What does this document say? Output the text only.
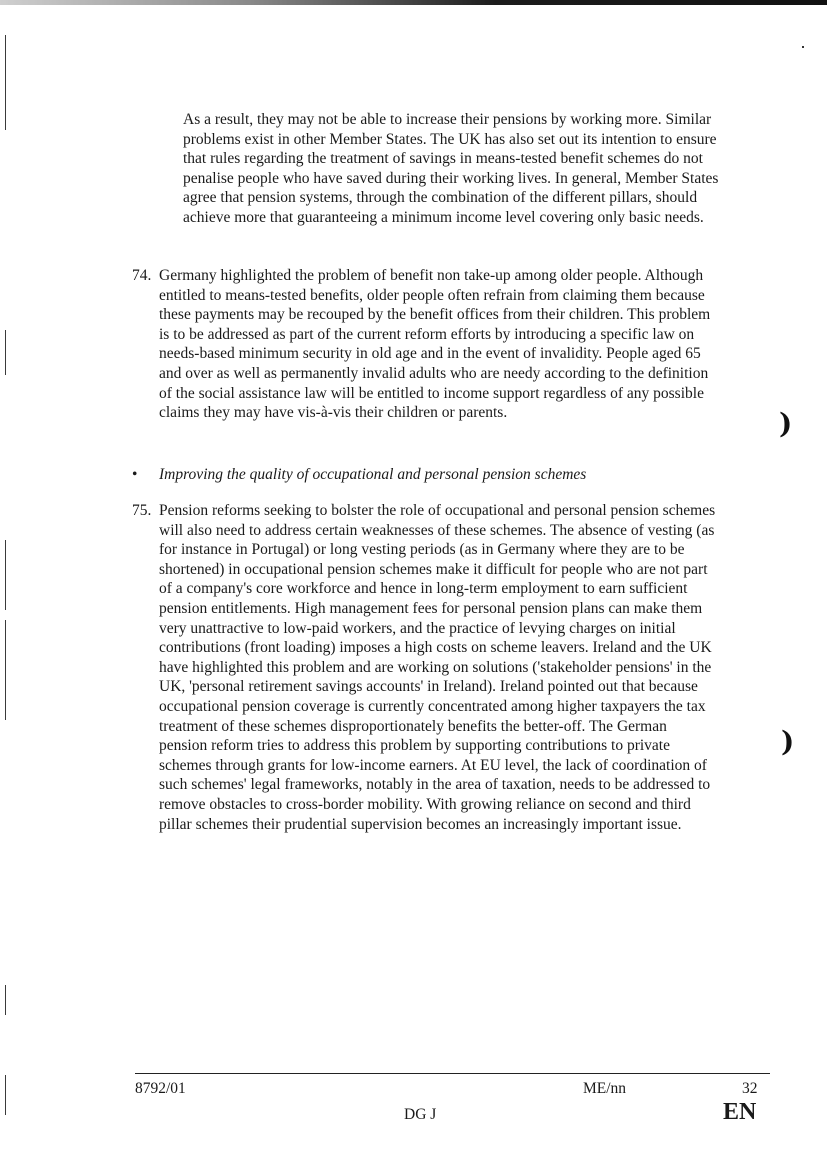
)
)
As a result, they may not be able to increase their pensions by working more. Similar problems exist in other Member States. The UK has also set out its intention to ensure that rules regarding the treatment of savings in means-tested benefit schemes do not penalise people who have saved during their working lives. In general, Member States agree that pension systems, through the combination of the different pillars, should achieve more that guaranteeing a minimum income level covering only basic needs.
74. Germany highlighted the problem of benefit non take-up among older people. Although entitled to means-tested benefits, older people often refrain from claiming them because these payments may be recouped by the benefit offices from their children. This problem is to be addressed as part of the current reform efforts by introducing a specific law on needs-based minimum security in old age and in the event of invalidity. People aged 65 and over as well as permanently invalid adults who are needy according to the definition of the social assistance law will be entitled to income support regardless of any possible claims they may have vis-à-vis their children or parents.
• Improving the quality of occupational and personal pension schemes
75. Pension reforms seeking to bolster the role of occupational and personal pension schemes will also need to address certain weaknesses of these schemes. The absence of vesting (as for instance in Portugal) or long vesting periods (as in Germany where they are to be shortened) in occupational pension schemes make it difficult for people who are not part of a company's core workforce and hence in long-term employment to earn sufficient pension entitlements. High management fees for personal pension plans can make them very unattractive to low-paid workers, and the practice of levying charges on initial contributions (front loading) imposes a high costs on scheme leavers. Ireland and the UK have highlighted this problem and are working on solutions ('stakeholder pensions' in the UK, 'personal retirement savings accounts' in Ireland). Ireland pointed out that because occupational pension coverage is currently concentrated among higher taxpayers the tax treatment of these schemes disproportionately benefits the better-off. The German pension reform tries to address this problem by supporting contributions to private schemes through grants for low-income earners. At EU level, the lack of coordination of such schemes' legal frameworks, notably in the area of taxation, needs to be addressed to remove obstacles to cross-border mobility. With growing reliance on second and third pillar schemes their prudential supervision becomes an increasingly important issue.
8792/01	ME/nn	32
DG J	EN
